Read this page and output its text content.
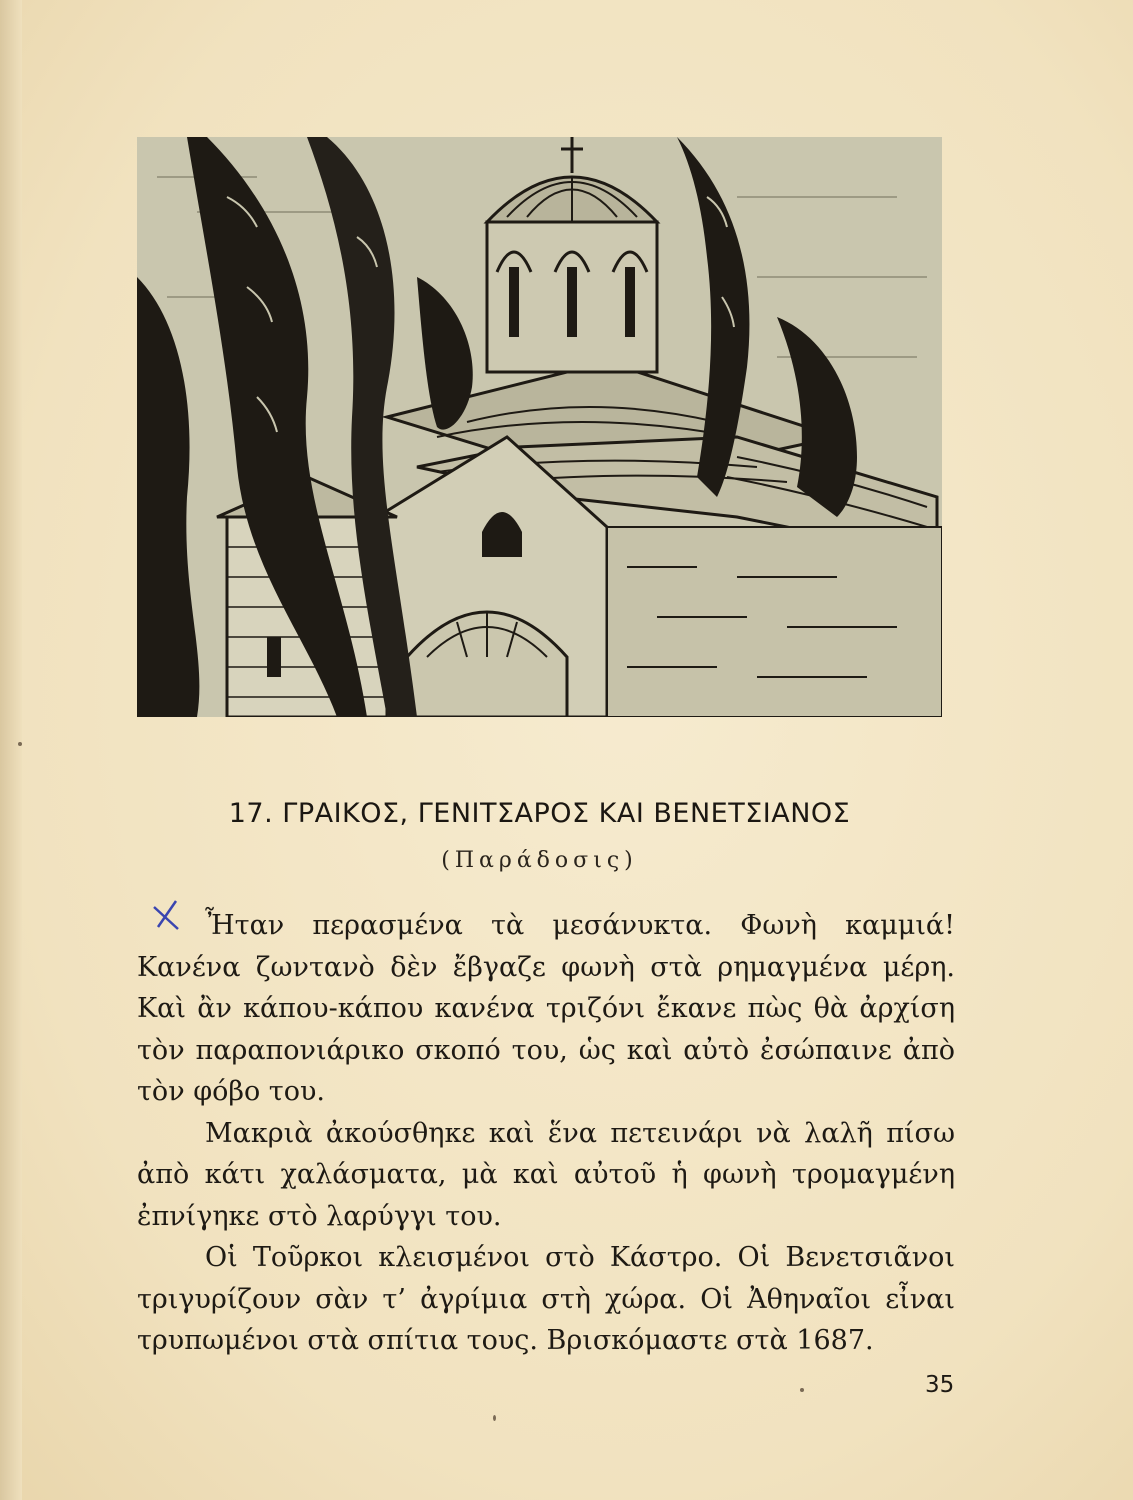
17. ΓΡΑΙΚΟΣ, ΓΕΝΙΤΣΑΡΟΣ ΚΑΙ ΒΕΝΕΤΣΙΑΝΟΣ
(Παράδοσις)

Ἦταν περασμένα τὰ μεσάνυκτα. Φωνὴ καμμιά! Κανένα ζωντανὸ δὲν ἔβγαζε φωνὴ στὰ ρημαγμένα μέρη. Καὶ ἂν κάπου-κάπου κανένα τριζόνι ἔκανε πὼς θὰ ἀρχίση τὸν παραπονιάρικο σκοπό του, ὡς καὶ αὐτὸ ἐσώπαινε ἀπὸ τὸν φόβο του.

Μακριὰ ἀκούσθηκε καὶ ἕνα πετεινάρι νὰ λαλῆ πίσω ἀπὸ κάτι χαλάσματα, μὰ καὶ αὐτοῦ ἡ φωνὴ τρομαγμένη ἐπνίγηκε στὸ λαρύγγι του.

Οἱ Τοῦρκοι κλεισμένοι στὸ Κάστρο. Οἱ Βενετσιᾶνοι τριγυρίζουν σὰν τ’ ἀγρίμια στὴ χώρα. Οἱ Ἀθηναῖοι εἶναι τρυπωμένοι στὰ σπίτια τους. Βρισκόμαστε στὰ 1687.

35
